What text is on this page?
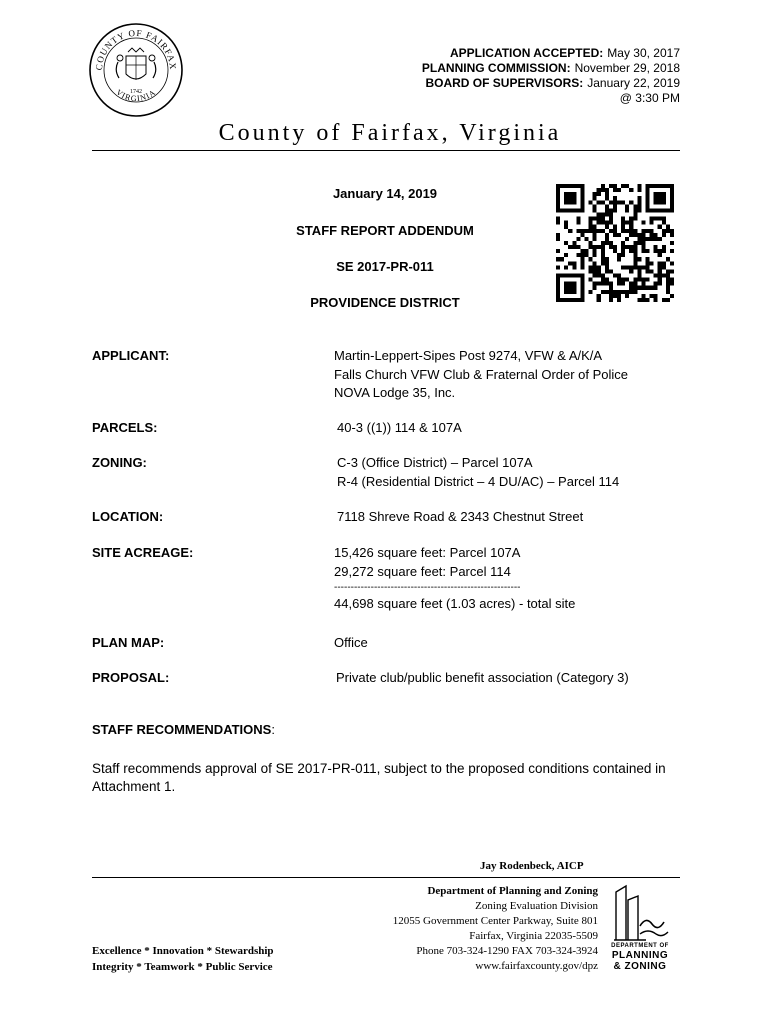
COUNTY OF FAIRFAX
VIRGINIA
1742
APPLICATION ACCEPTED: May 30, 2017
PLANNING COMMISSION: November 29, 2018
BOARD OF SUPERVISORS: January 22, 2019
@ 3:30 PM
County of Fairfax, Virginia
January 14, 2019
STAFF REPORT ADDENDUM
SE 2017-PR-011
PROVIDENCE DISTRICT
APPLICANT:	Martin-Leppert-Sipes Post 9274, VFW & A/K/A
Falls Church VFW Club & Fraternal Order of Police
NOVA Lodge 35, Inc.
PARCELS:	40-3 ((1)) 114 & 107A
ZONING:	C-3 (Office District) – Parcel 107A
R-4 (Residential District – 4 DU/AC) – Parcel 114
LOCATION:	7118 Shreve Road & 2343 Chestnut Street
SITE ACREAGE:	15,426 square feet: Parcel 107A
29,272 square feet: Parcel 114
--------------------------------------------------------
44,698 square feet (1.03 acres) - total site
PLAN MAP:	Office
PROPOSAL:	Private club/public benefit association (Category 3)
STAFF RECOMMENDATIONS:
Staff recommends approval of SE 2017-PR-011, subject to the proposed conditions contained in Attachment 1.
Jay Rodenbeck, AICP
Department of Planning and Zoning
Zoning Evaluation Division
12055 Government Center Parkway, Suite 801
Fairfax, Virginia 22035-5509
Phone 703-324-1290 FAX 703-324-3924
www.fairfaxcounty.gov/dpz
Excellence * Innovation * Stewardship
Integrity * Teamwork * Public Service
DEPARTMENT OF
PLANNING
& ZONING
